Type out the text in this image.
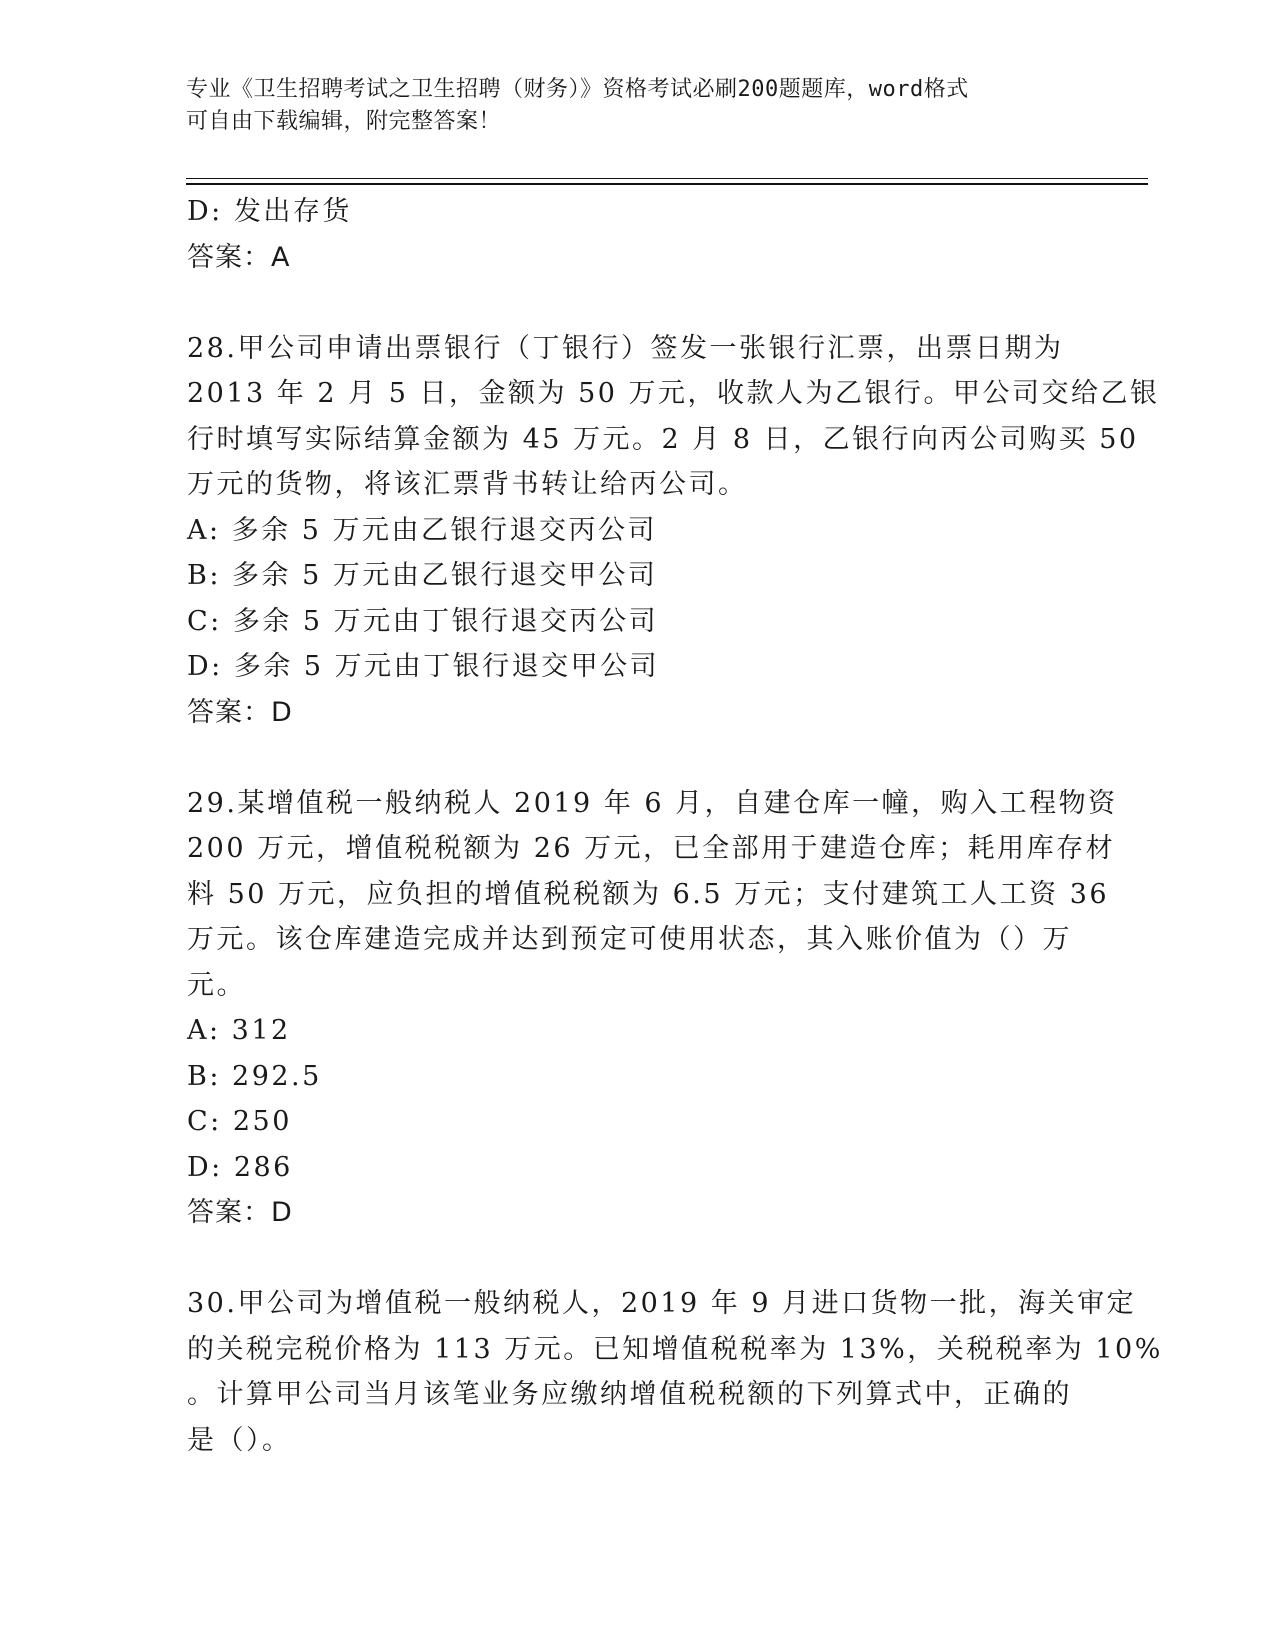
专业《卫生招聘考试之卫生招聘（财务）》资格考试必刷200题题库，word格式
可自由下载编辑，附完整答案！
D: 发出存货
答案：A
28.甲公司申请出票银行（丁银行）签发一张银行汇票，出票日期为
2013 年 2 月 5 日，金额为 50 万元，收款人为乙银行。甲公司交给乙银
行时填写实际结算金额为 45 万元。2 月 8 日，乙银行向丙公司购买 50
万元的货物，将该汇票背书转让给丙公司。
A: 多余 5 万元由乙银行退交丙公司
B: 多余 5 万元由乙银行退交甲公司
C: 多余 5 万元由丁银行退交丙公司
D: 多余 5 万元由丁银行退交甲公司
答案：D
29.某增值税一般纳税人 2019 年 6 月，自建仓库一幢，购入工程物资
200 万元，增值税税额为 26 万元，已全部用于建造仓库；耗用库存材
料 50 万元，应负担的增值税税额为 6.5 万元；支付建筑工人工资 36
万元。该仓库建造完成并达到预定可使用状态，其入账价值为（）万
元。
A: 312
B: 292.5
C: 250
D: 286
答案：D
30.甲公司为增值税一般纳税人，2019 年 9 月进口货物一批，海关审定
的关税完税价格为 113 万元。已知增值税税率为 13%，关税税率为 10%
。计算甲公司当月该笔业务应缴纳增值税税额的下列算式中，正确的
是（）。
